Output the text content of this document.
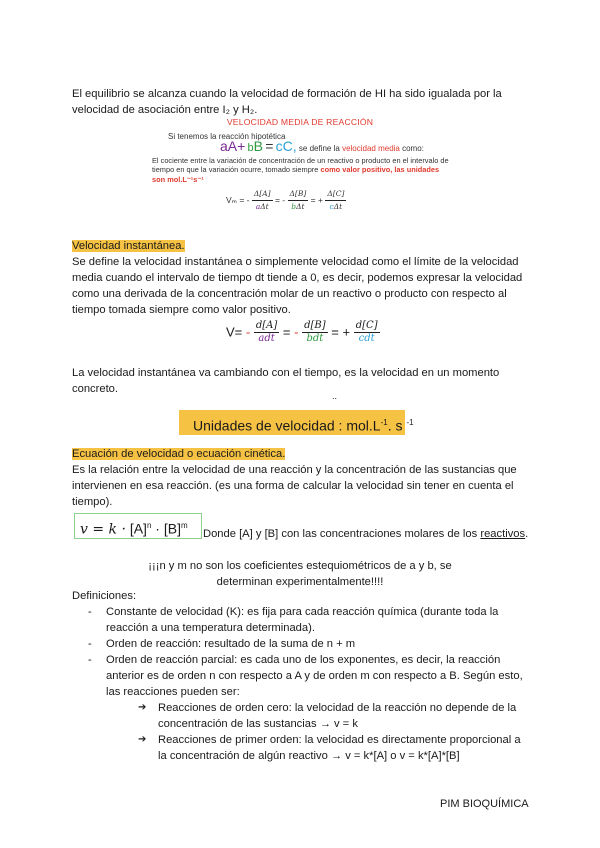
El equilibrio se alcanza cuando la velocidad de formación de HI ha sido igualada por la velocidad de asociación entre I₂ y H₂.
VELOCIDAD MEDIA DE REACCIÓN
Si tenemos la reacción hipotética
aA+ bB = cC, se define la velocidad media como:
El cociente entre la variación de concentración de un reactivo o producto en el intervalo de tiempo en que la variación ocurre, tomado siempre como valor positivo, las unidades son mol.L⁻¹s⁻¹
Vₘ = -
Δ[A]
aΔt
= -
Δ[B]
bΔt
= +
Δ[C]
cΔt
Velocidad instantánea.
Se define la velocidad instantánea o simplemente velocidad como el límite de la velocidad media cuando el intervalo de tiempo dt tiende a 0, es decir, podemos expresar la velocidad como una derivada de la concentración molar de un reactivo o producto con respecto al tiempo tomada siempre como valor positivo.
V= - d[A]
adt = - d[B]
bdt = + d[C]
cdt
La velocidad instantánea va cambiando con el tiempo, es la velocidad en un momento concreto.
..
Unidades de velocidad : $mol.L^{-1}$. s $^{-1}$
Ecuación de velocidad o ecuación cinética.
Es la relación entre la velocidad de una reacción y la concentración de las sustancias que intervienen en esa reacción. (es una forma de calcular la velocidad sin tener en cuenta el tiempo).
$v = k \cdot [A]^n \cdot [B]^m$
Donde [A] y [B] con las concentraciones molares de los reactivos.
¡¡¡n y m no son los coeficientes estequiométricos de a y b, se determinan experimentalmente!!!!
Definiciones:
- Constante de velocidad (K): es fija para cada reacción química (durante toda la reacción a una temperatura determinada).
- Orden de reacción: resultado de la suma de n + m
- Orden de reacción parcial: es cada uno de los exponentes, es decir, la reacción anterior es de orden n con respecto a A y de orden m con respecto a B. Según esto, las reacciones pueden ser:
➔ Reacciones de orden cero: la velocidad de la reacción no depende de la concentración de las sustancias → v = k
➔ Reacciones de primer orden: la velocidad es directamente proporcional a la concentración de algún reactivo → v = k*[A] o v = k*[A]*[B]
PIM BIOQUÍMICA
